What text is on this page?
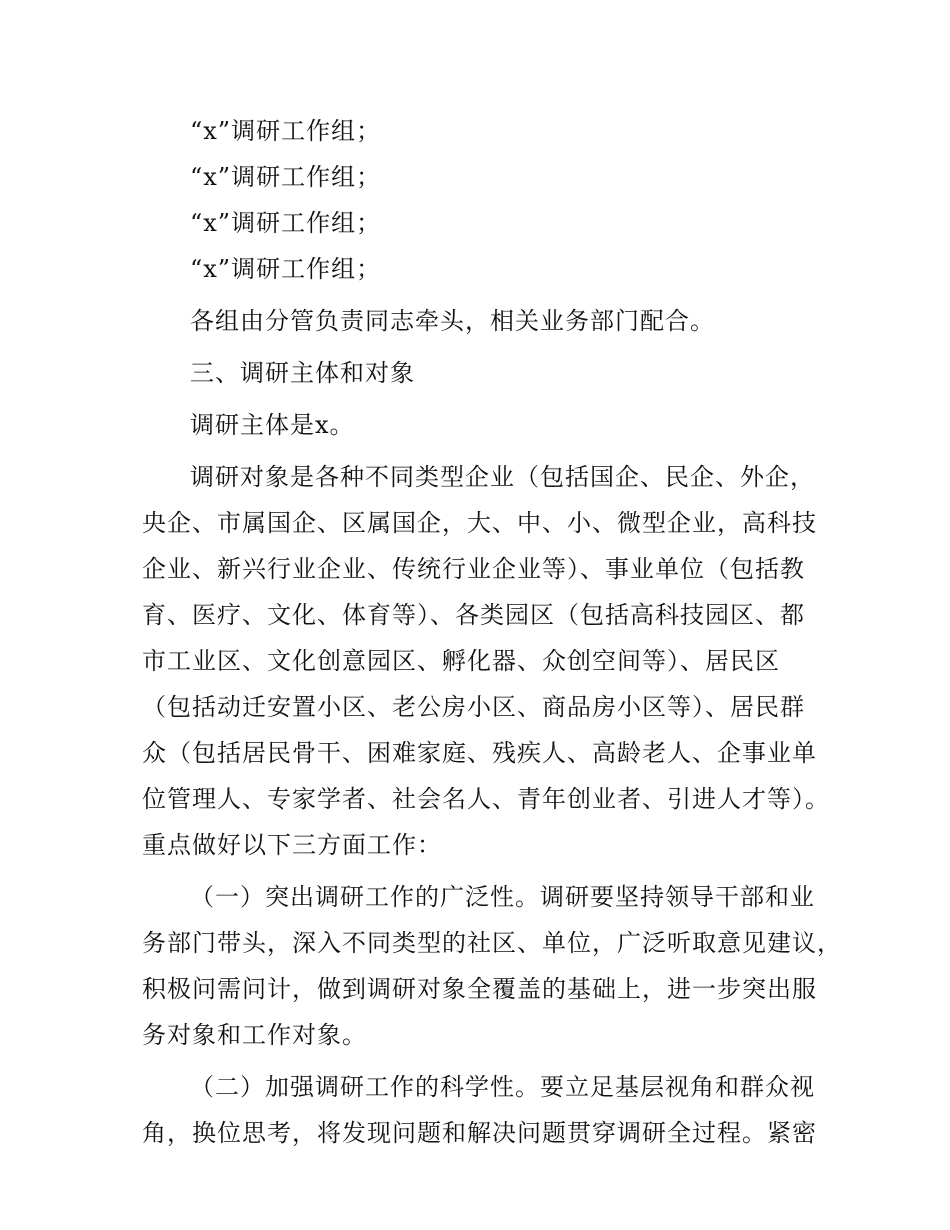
“x”调研工作组；
“x”调研工作组；
“x”调研工作组；
“x”调研工作组；
各组由分管负责同志牵头，相关业务部门配合。
三、调研主体和对象
调研主体是x。
调研对象是各种不同类型企业（包括国企、民企、外企，
央企、市属国企、区属国企，大、中、小、微型企业，高科技
企业、新兴行业企业、传统行业企业等）、事业单位（包括教
育、医疗、文化、体育等）、各类园区（包括高科技园区、都
市工业区、文化创意园区、孵化器、众创空间等）、居民区
（包括动迁安置小区、老公房小区、商品房小区等）、居民群
众（包括居民骨干、困难家庭、残疾人、高龄老人、企事业单
位管理人、专家学者、社会名人、青年创业者、引进人才等）。
重点做好以下三方面工作：
（一）突出调研工作的广泛性。调研要坚持领导干部和业
务部门带头，深入不同类型的社区、单位，广泛听取意见建议，
积极问需问计，做到调研对象全覆盖的基础上，进一步突出服
务对象和工作对象。
（二）加强调研工作的科学性。要立足基层视角和群众视
角，换位思考，将发现问题和解决问题贯穿调研全过程。紧密
